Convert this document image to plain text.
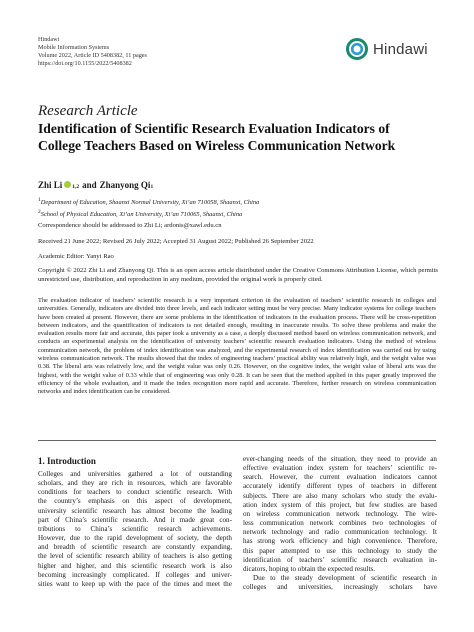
Hindawi
Mobile Information Systems
Volume 2022, Article ID 5408382, 11 pages
https://doi.org/10.1155/2022/5408382
Hindawi
Research Article
Identification of Scientific Research Evaluation Indicators of
College Teachers Based on Wireless Communication Network
Zhi Li 1,2 and Zhanyong Qi 1
1Department of Education, Shaanxi Normal University, Xi’an 710058, Shaanxi, China
2School of Physical Education, Xi’an University, Xi’an 710065, Shaanxi, China
Correspondence should be addressed to Zhi Li; ardonis@xawl.edu.cn
Received 21 June 2022; Revised 26 July 2022; Accepted 31 August 2022; Published 26 September 2022
Academic Editor: Yanyi Rao
Copyright © 2022 Zhi Li and Zhanyong Qi. This is an open access article distributed under the Creative Commons Attribution License, which permits unrestricted use, distribution, and reproduction in any medium, provided the original work is properly cited.
The evaluation indicator of teachers’ scientific research is a very important criterion in the evaluation of teachers’ scientific research in colleges and universities. Generally, indicators are divided into three levels, and each indicator setting must be very precise. Many indicator systems for college teachers have been created at present. However, there are some problems in the identification of indicators in the evaluation process. There will be cross-repetition between indicators, and the quantification of indicators is not detailed enough, resulting in inaccurate results. To solve these problems and make the evaluation results more fair and accurate, this paper took a university as a case, a deeply discussed method based on wireless communication network, and conducts an experimental analysis on the identification of university teachers’ scientific research evaluation indicators. Using the method of wireless communication network, the problem of index identification was analyzed, and the experimental research of index identification was carried out by using wireless communication network. The results showed that the index of engineering teachers’ practical ability was relatively high, and the weight value was 0.38. The liberal arts was relatively low, and the weight value was only 0.26. However, on the cognitive index, the weight value of liberal arts was the highest, with the weight value of 0.33 while that of engineering was only 0.28. It can be seen that the method applied in this paper greatly improved the efficiency of the whole evaluation, and it made the index recognition more rapid and accurate. Therefore, further research on wireless communication networks and index identification can be considered.
1. Introduction
Colleges and universities gathered a lot of outstanding
scholars, and they are rich in resources, which are favorable
conditions for teachers to conduct scientific research. With
the country’s emphasis on this aspect of development,
university scientific research has almost become the leading
part of China’s scientific research. And it made great con-
tributions to China’s scientific research achievements.
However, due to the rapid development of society, the depth
and breadth of scientific research are constantly expanding,
the level of scientific research ability of teachers is also getting
higher and higher, and this scientific research work is also
becoming increasingly complicated. If colleges and univer-
sities want to keep up with the pace of the times and meet the
ever-changing needs of the situation, they need to provide an
effective evaluation index system for teachers’ scientific re-
search. However, the current evaluation indicators cannot
accurately identify different types of teachers in different
subjects. There are also many scholars who study the evalu-
ation index system of this project, but few studies are based
on wireless communication network technology. The wire-
less communication network combines two technologies of
network technology and radio communication technology. It
has strong work efficiency and high convenience. Therefore,
this paper attempted to use this technology to study the
identification of teachers’ scientific research evaluation in-
dicators, hoping to obtain the expected results.
Due to the steady development of scientific research in
colleges and universities, increasingly scholars have
